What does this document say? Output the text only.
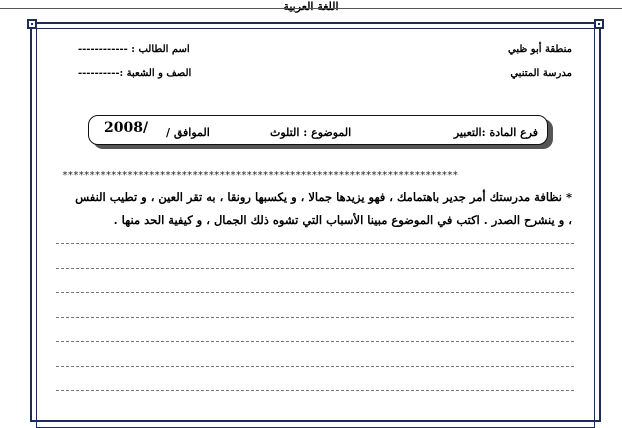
منطقة أبو ظبي
مدرسة المتنبي
اسم الطالب : ------------
الصف و الشعبة :----------
اللغة العربية
فرع المادة :التعبير
الموضوع : التلوث
الموافق /
2008/
*************************************************************************
* نظافة مدرستك أمر جدير باهتمامك ، فهو يزيدها جمالا ، و يكسبها رونقا ، به تقر العين ، و تطيب النفس ، و ينشرح الصدر . اكتب في الموضوع مبينا الأسباب التي تشوه ذلك الجمال ، و كيفية الحد منها .
